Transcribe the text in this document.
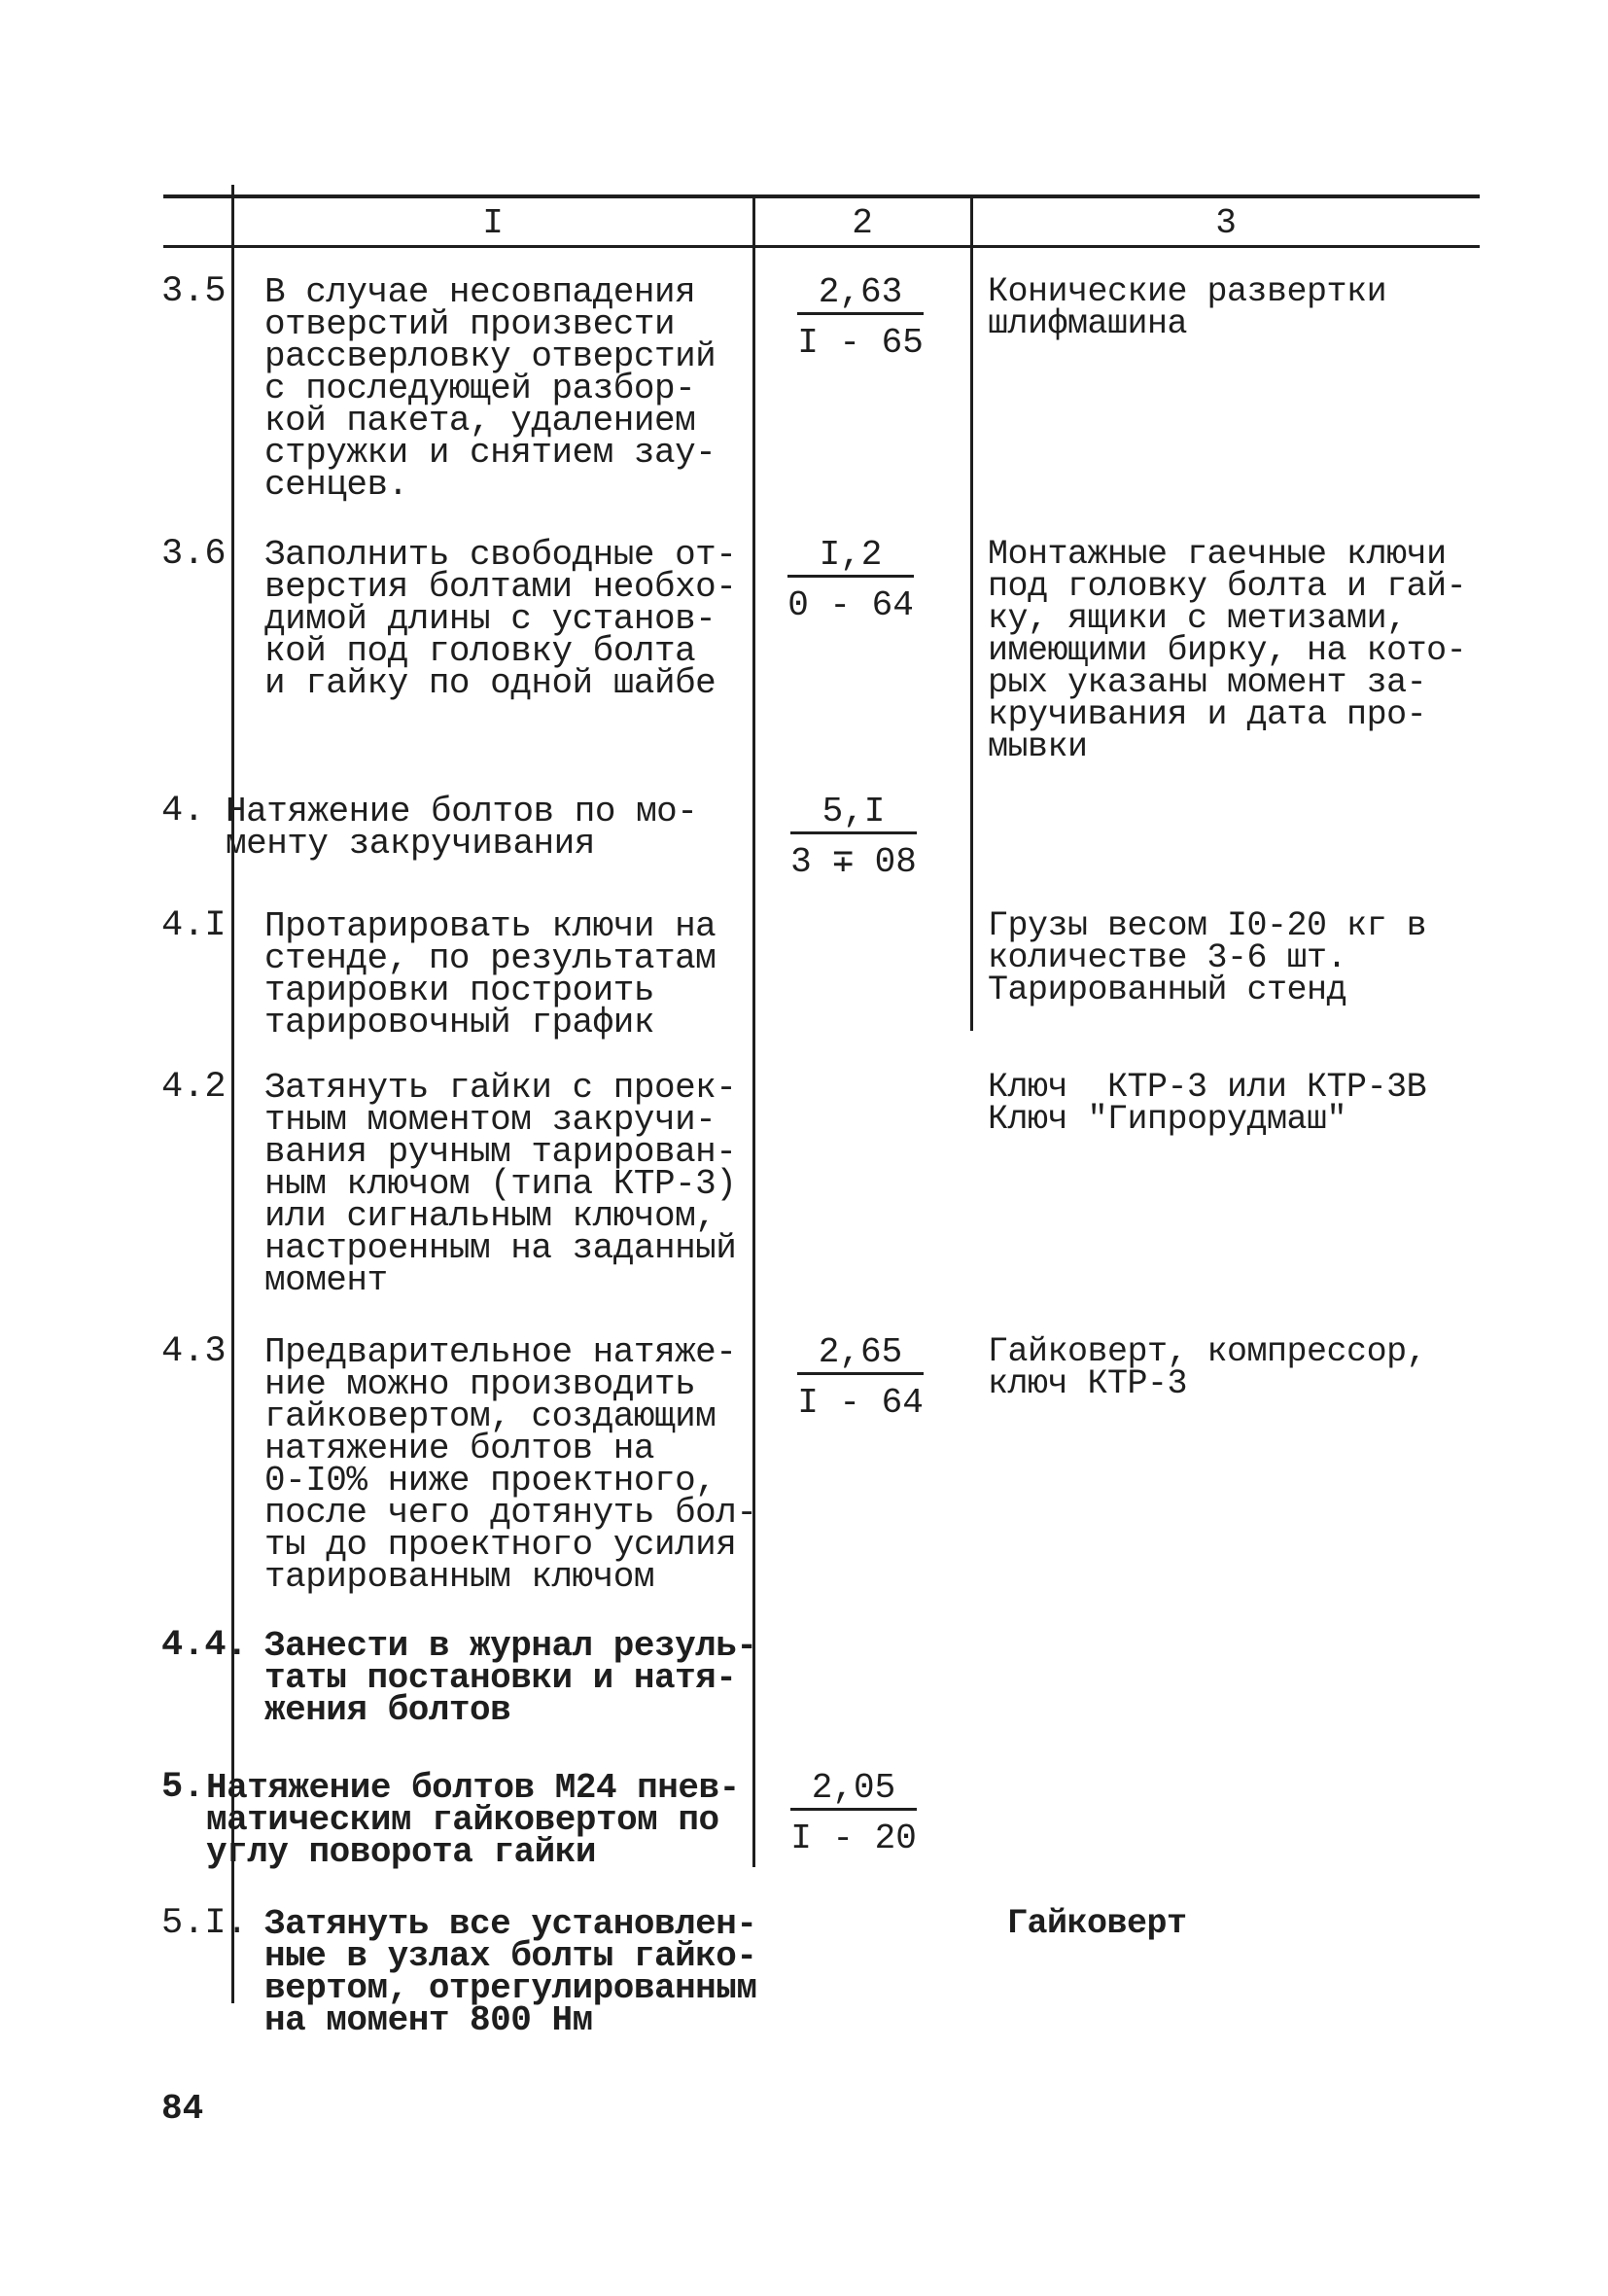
I	2	3
3.5 В случае несовпадения
отверстий произвести
рассверловку отверстий
с последующей разбор-
кой пакета, удалением
стружки и снятием зау-
сенцев.
2,63
I - 65
Конические развертки
шлифмашина
3.6 Заполнить свободные от-
верстия болтами необхо-
димой длины с установ-
кой под головку болта
и гайку по одной шайбе
I,2
0 - 64
Монтажные гаечные ключи
под головку болта и гай-
ку, ящики с метизами,
имеющими бирку, на кото-
рых указаны момент за-
кручивания и дата про-
мывки
4. Натяжение болтов по мо-
менту закручивания
5,I
3 ∓ 08
4.I Протарировать ключи на
стенде, по результатам
тарировки построить
тарировочный график
Грузы весом I0-20 кг в
количестве 3-6 шт.
Тарированный стенд
4.2 Затянуть гайки с проек-
тным моментом закручи-
вания ручным тарирован-
ным ключом (типа КТР-3)
или сигнальным ключом,
настроенным на заданный
момент
Ключ  КТР-3 или КТР-3В
Ключ "Гипрорудмаш"
4.3 Предварительное натяже-
ние можно производить
гайковертом, создающим
натяжение болтов на
0-I0% ниже проектного,
после чего дотянуть бол-
ты до проектного усилия
тарированным ключом
2,65
I - 64
Гайковерт, компрессор,
ключ КТР-3
4.4. Занести в журнал резуль-
таты постановки и натя-
жения болтов
5. Натяжение болтов М24 пнев-
матическим гайковертом по
углу поворота гайки
2,05
I - 20
5.I. Затянуть все установлен-
ные в узлах болты гайко-
вертом, отрегулированным
на момент 800 Нм
Гайковерт
84
